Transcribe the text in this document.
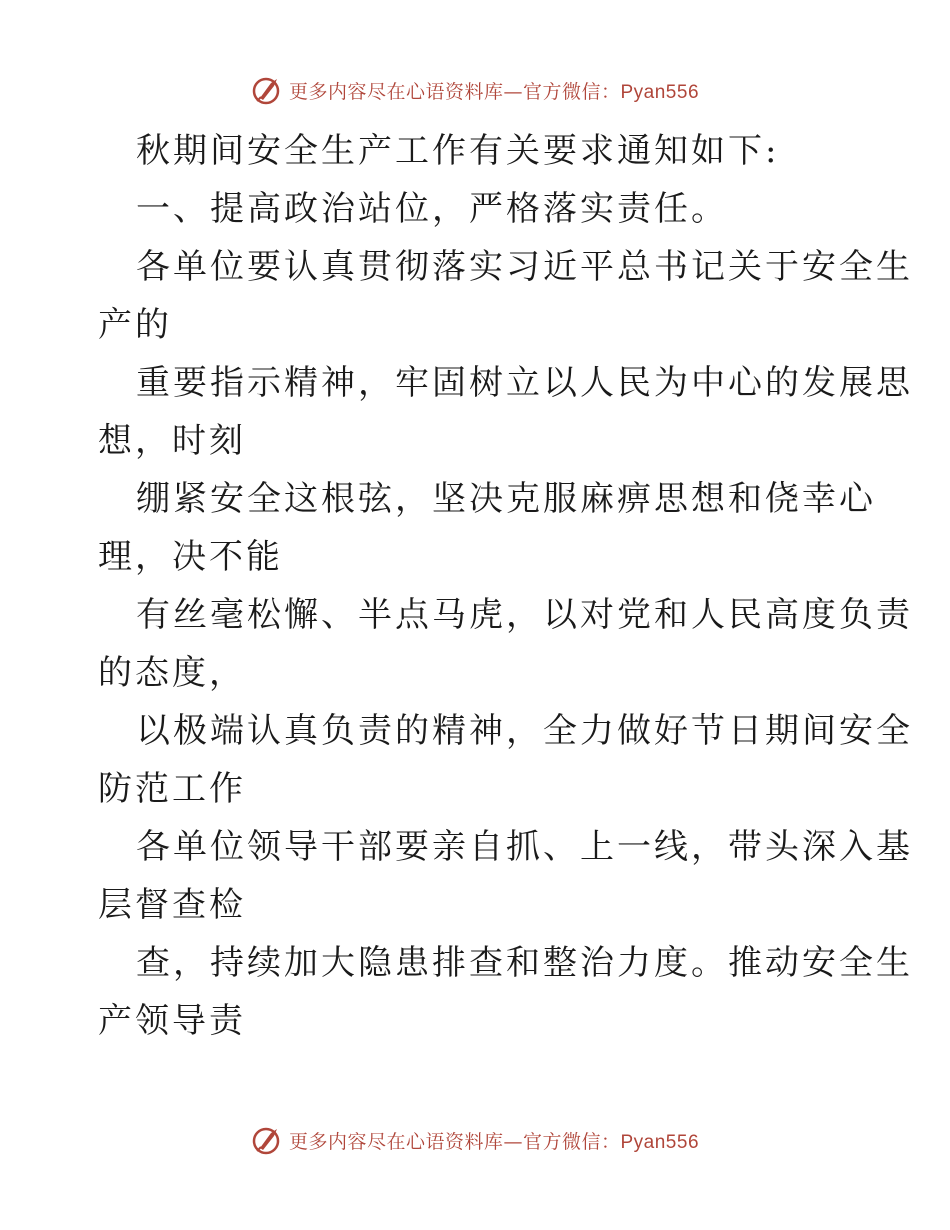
更多内容尽在心语资料库—官方微信：Pyan556
秋期间安全生产工作有关要求通知如下:
一、提高政治站位，严格落实责任。
各单位要认真贯彻落实习近平总书记关于安全生
产的
重要指示精神，牢固树立以人民为中心的发展思
想，时刻
绷紧安全这根弦，坚决克服麻痹思想和侥幸心
理，决不能
有丝毫松懈、半点马虎，以对党和人民高度负责
的态度，
以极端认真负责的精神，全力做好节日期间安全
防范工作
各单位领导干部要亲自抓、上一线，带头深入基
层督查检
查，持续加大隐患排查和整治力度。推动安全生
产领导责
更多内容尽在心语资料库—官方微信：Pyan556
